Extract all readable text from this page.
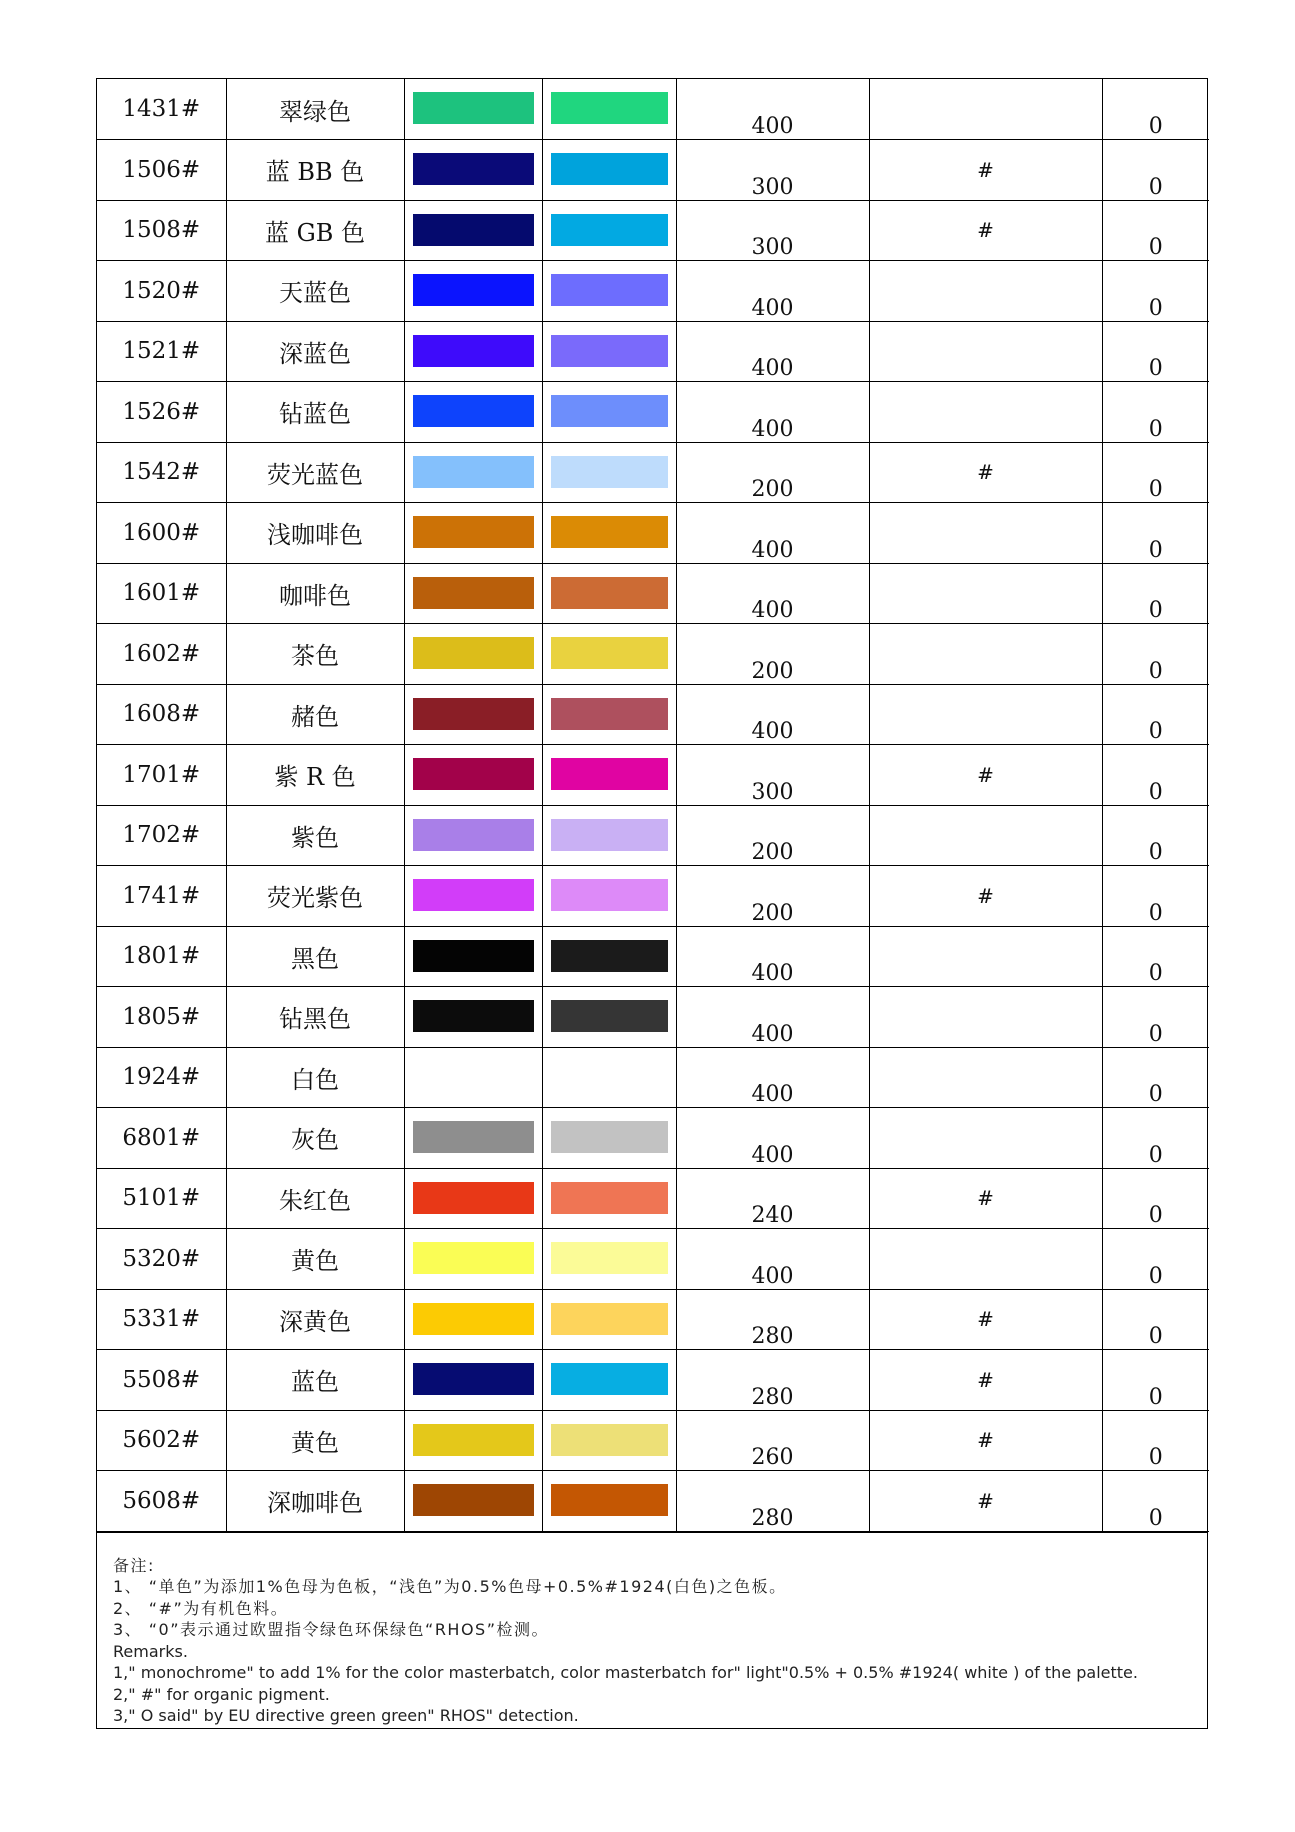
1431#	翠绿色			400		0
1506#	蓝 BB 色			300	#	0
1508#	蓝 GB 色			300	#	0
1520#	天蓝色			400		0
1521#	深蓝色			400		0
1526#	钻蓝色			400		0
1542#	荧光蓝色			200	#	0
1600#	浅咖啡色			400		0
1601#	咖啡色			400		0
1602#	茶色			200		0
1608#	赭色			400		0
1701#	紫 R 色			300	#	0
1702#	紫色			200		0
1741#	荧光紫色			200	#	0
1801#	黑色			400		0
1805#	钻黑色			400		0
1924#	白色			400		0
6801#	灰色			400		0
5101#	朱红色			240	#	0
5320#	黄色			400		0
5331#	深黄色			280	#	0
5508#	蓝色			280	#	0
5602#	黄色			260	#	0
5608#	深咖啡色			280	#	0
备注:
1、 “单色”为添加1%色母为色板，“浅色”为0.5%色母+0.5%#1924(白色)之色板。
2、 “#”为有机色料。
3、 “0”表示通过欧盟指令绿色环保绿色“RHOS”检测。
Remarks.
1," monochrome" to add 1% for the color masterbatch, color masterbatch for" light"0.5% + 0.5% #1924( white ) of the palette.
2," #" for organic pigment.
3," O said" by EU directive green green" RHOS" detection.
